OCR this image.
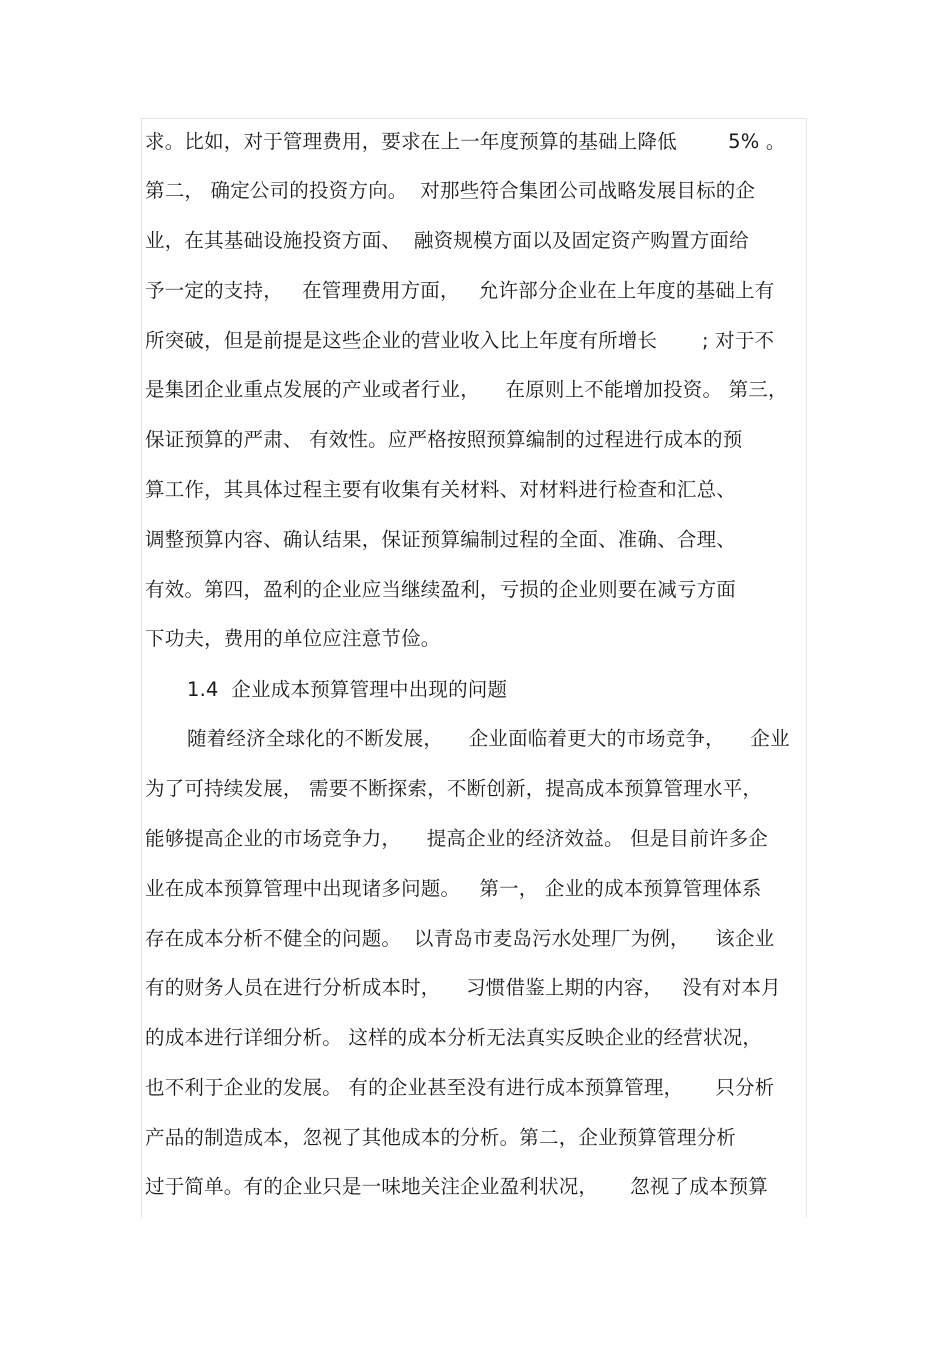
求。比如，对于管理费用，要求在上一年度预算的基础上降低        5% 。
第二， 确定公司的投资方向。  对那些符合集团公司战略发展目标的企
业，在其基础设施投资方面、  融资规模方面以及固定资产购置方面给
予一定的支持，   在管理费用方面，   允许部分企业在上年度的基础上有
所突破，但是前提是这些企业的营业收入比上年度有所增长       ; 对于不
是集团企业重点发展的产业或者行业，    在原则上不能增加投资。 第三，
保证预算的严肃、 有效性。应严格按照预算编制的过程进行成本的预
算工作，其具体过程主要有收集有关材料、对材料进行检查和汇总、
调整预算内容、确认结果，保证预算编制过程的全面、准确、合理、
有效。第四，盈利的企业应当继续盈利，亏损的企业则要在减亏方面
下功夫，费用的单位应注意节俭。
1.4  企业成本预算管理中出现的问题
随着经济全球化的不断发展，    企业面临着更大的市场竞争，    企业
为了可持续发展， 需要不断探索，不断创新，提高成本预算管理水平，
能够提高企业的市场竞争力，    提高企业的经济效益。 但是目前许多企
业在成本预算管理中出现诸多问题。   第一， 企业的成本预算管理体系
存在成本分析不健全的问题。  以青岛市麦岛污水处理厂为例，    该企业
有的财务人员在进行分析成本时，    习惯借鉴上期的内容，   没有对本月
的成本进行详细分析。 这样的成本分析无法真实反映企业的经营状况，
也不利于企业的发展。 有的企业甚至没有进行成本预算管理，     只分析
产品的制造成本，忽视了其他成本的分析。第二，企业预算管理分析
过于简单。有的企业只是一味地关注企业盈利状况，     忽视了成本预算
